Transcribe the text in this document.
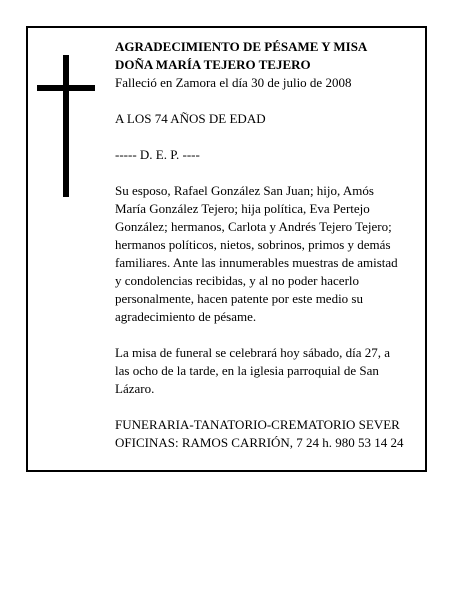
AGRADECIMIENTO DE PÉSAME Y MISA
DOÑA MARÍA TEJERO TEJERO
Falleció en Zamora el día 30 de julio de 2008
A LOS 74 AÑOS DE EDAD
----- D. E. P. ----
Su esposo, Rafael González San Juan; hijo, Amós
María González Tejero; hija política, Eva Pertejo
González; hermanos, Carlota y Andrés Tejero Tejero;
hermanos políticos, nietos, sobrinos, primos y demás
familiares. Ante las innumerables muestras de amistad
y condolencias recibidas, y al no poder hacerlo
personalmente, hacen patente por este medio su
agradecimiento de pésame.
La misa de funeral se celebrará hoy sábado, día 27, a
las ocho de la tarde, en la iglesia parroquial de San
Lázaro.
FUNERARIA-TANATORIO-CREMATORIO SEVER
OFICINAS: RAMOS CARRIÓN, 7 24 h. 980 53 14 24
